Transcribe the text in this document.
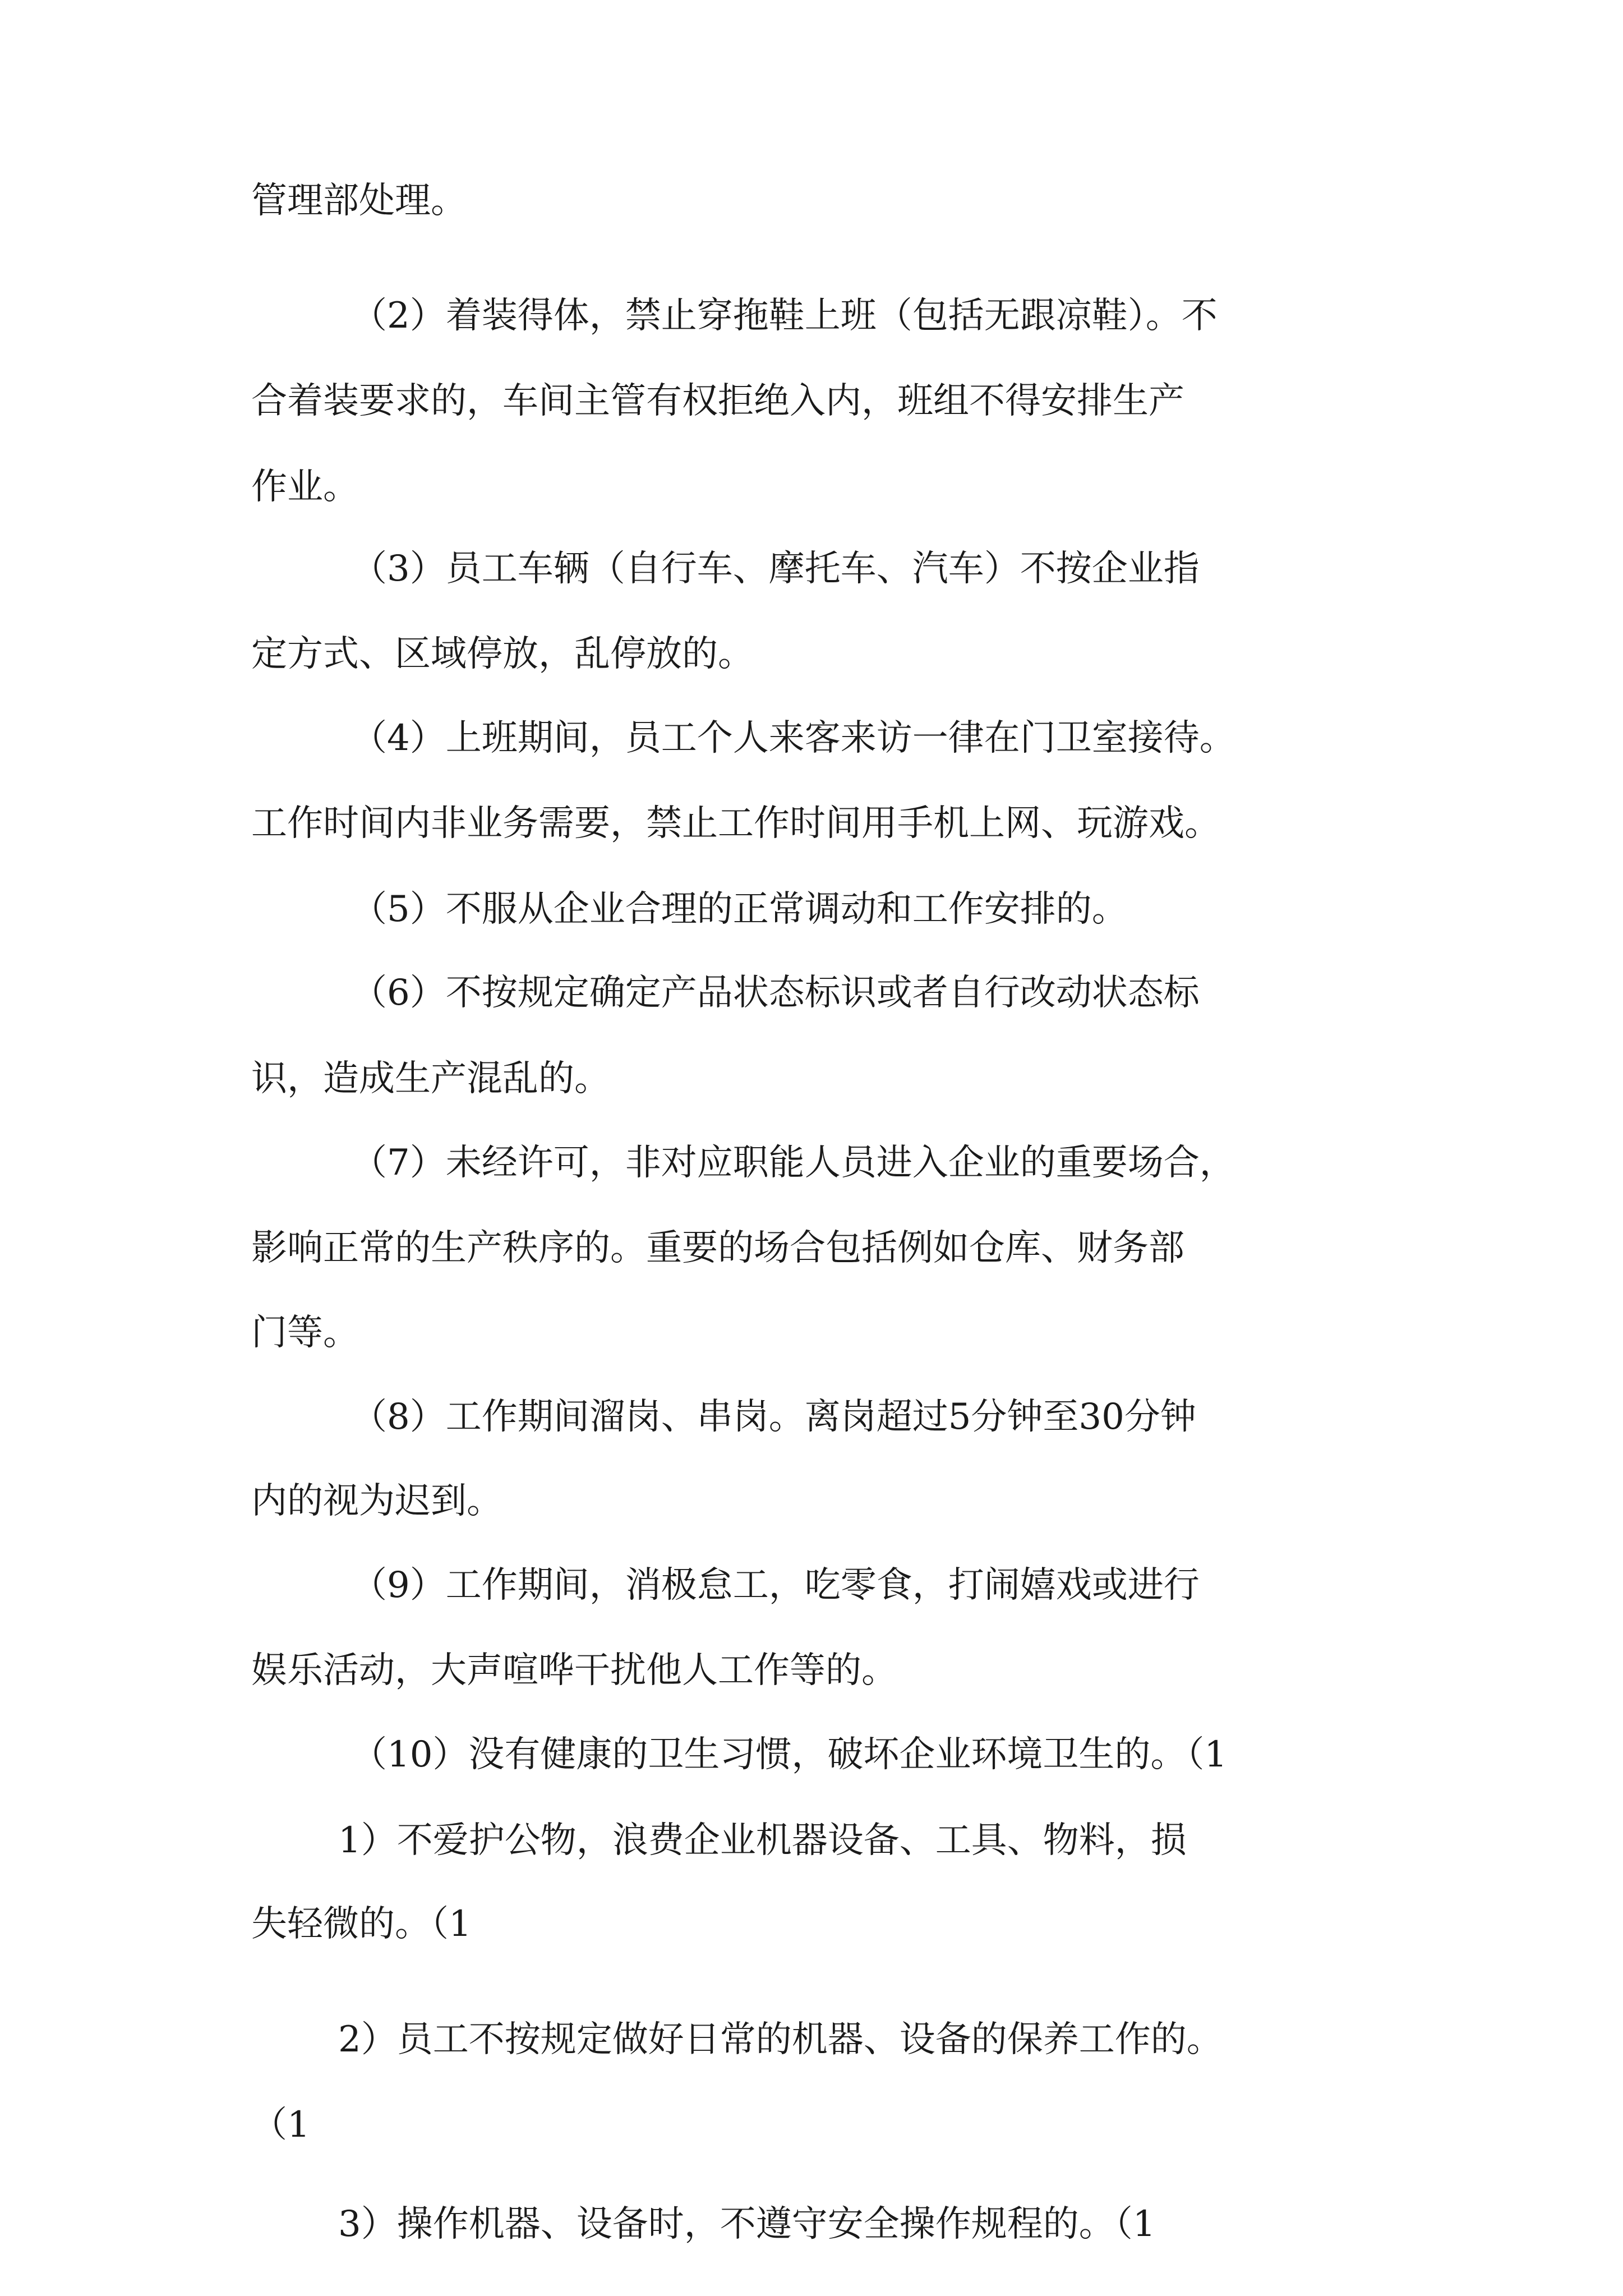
管理部处理。
（2）着装得体，禁止穿拖鞋上班（包括无跟凉鞋）。不
合着装要求的，车间主管有权拒绝入内，班组不得安排生产
作业。
（3）员工车辆（自行车、摩托车、汽车）不按企业指
定方式、区域停放，乱停放的。
（4）上班期间，员工个人来客来访一律在门卫室接待。
工作时间内非业务需要，禁止工作时间用手机上网、玩游戏。
（5）不服从企业合理的正常调动和工作安排的。
（6）不按规定确定产品状态标识或者自行改动状态标
识，造成生产混乱的。
（7）未经许可，非对应职能人员进入企业的重要场合，
影响正常的生产秩序的。重要的场合包括例如仓库、财务部
门等。
（8）工作期间溜岗、串岗。离岗超过5分钟至30分钟
内的视为迟到。
（9）工作期间，消极怠工，吃零食，打闹嬉戏或进行
娱乐活动，大声喧哗干扰他人工作等的。
（10）没有健康的卫生习惯，破坏企业环境卫生的。（1
1）不爱护公物，浪费企业机器设备、工具、物料，损
失轻微的。（1
2）员工不按规定做好日常的机器、设备的保养工作的。
（1
3）操作机器、设备时，不遵守安全操作规程的。（1
